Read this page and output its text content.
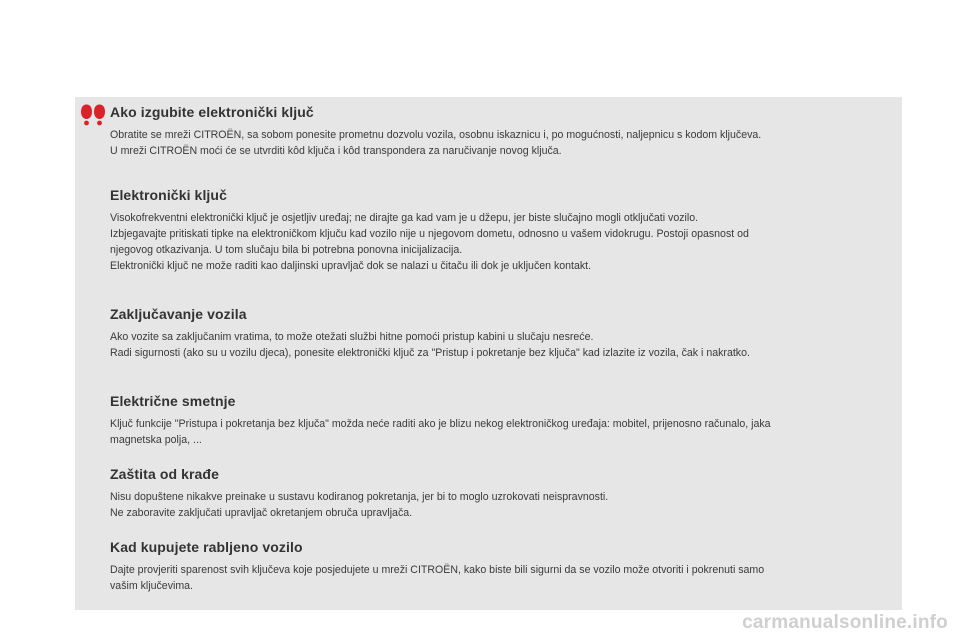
Ako izgubite elektronički ključ
Obratite se mreži CITROËN, sa sobom ponesite prometnu dozvolu vozila, osobnu iskaznicu i, po mogućnosti, naljepnicu s kodom ključeva.
U mreži CITROËN moći će se utvrditi kôd ključa i kôd transpondera za naručivanje novog ključa.
Elektronički ključ
Visokofrekventni elektronički ključ je osjetljiv uređaj; ne dirajte ga kad vam je u džepu, jer biste slučajno mogli otključati vozilo.
Izbjegavajte pritiskati tipke na elektroničkom ključu kad vozilo nije u njegovom dometu, odnosno u vašem vidokrugu. Postoji opasnost od
njegovog otkazivanja. U tom slučaju bila bi potrebna ponovna inicijalizacija.
Elektronički ključ ne može raditi kao daljinski upravljač dok se nalazi u čitaču ili dok je uključen kontakt.
Zaključavanje vozila
Ako vozite sa zaključanim vratima, to može otežati službi hitne pomoći pristup kabini u slučaju nesreće.
Radi sigurnosti (ako su u vozilu djeca), ponesite elektronički ključ za "Pristup i pokretanje bez ključa" kad izlazite iz vozila, čak i nakratko.
Električne smetnje
Ključ funkcije "Pristupa i pokretanja bez ključa" možda neće raditi ako je blizu nekog elektroničkog uređaja: mobitel, prijenosno računalo, jaka
magnetska polja, ...
Zaštita od krađe
Nisu dopuštene nikakve preinake u sustavu kodiranog pokretanja, jer bi to moglo uzrokovati neispravnosti.
Ne zaboravite zaključati upravljač okretanjem obruča upravljača.
Kad kupujete rabljeno vozilo
Dajte provjeriti sparenost svih ključeva koje posjedujete u mreži CITROËN, kako biste bili sigurni da se vozilo može otvoriti i pokrenuti samo
vašim ključevima.
carmanualsonline.info
